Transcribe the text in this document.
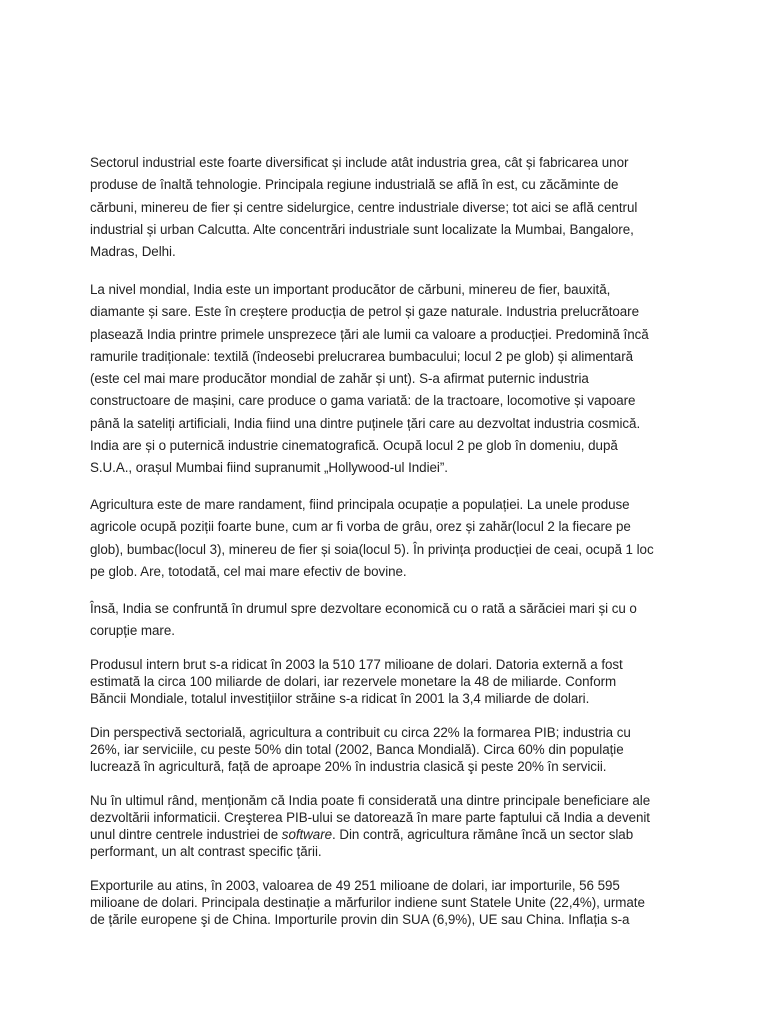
Sectorul industrial este foarte diversificat și include atât industria grea, cât și fabricarea unor
produse de înaltă tehnologie. Principala regiune industrială se află în est, cu zăcăminte de
cărbuni, minereu de fier și centre sidelurgice, centre industriale diverse; tot aici se află centrul
industrial și urban Calcutta. Alte concentrări industriale sunt localizate la Mumbai, Bangalore,
Madras, Delhi.

La nivel mondial, India este un important producător de cărbuni, minereu de fier, bauxită,
diamante și sare. Este în creștere producția de petrol și gaze naturale. Industria prelucrătoare
plasează India printre primele unsprezece țări ale lumii ca valoare a producției. Predomină încă
ramurile tradiționale: textilă (îndeosebi prelucrarea bumbacului; locul 2 pe glob) și alimentară
(este cel mai mare producător mondial de zahăr și unt). S-a afirmat puternic industria
constructoare de mașini, care produce o gama variată: de la tractoare, locomotive și vapoare
până la sateliți artificiali, India fiind una dintre puținele țări care au dezvoltat industria cosmică.
India are și o puternică industrie cinematografică. Ocupă locul 2 pe glob în domeniu, după
S.U.A., orașul Mumbai fiind supranumit „Hollywood-ul Indiei”.

Agricultura este de mare randament, fiind principala ocupație a populației. La unele produse
agricole ocupă poziții foarte bune, cum ar fi vorba de grâu, orez și zahăr(locul 2 la fiecare pe
glob), bumbac(locul 3), minereu de fier și soia(locul 5). În privința producției de ceai, ocupă 1 loc
pe glob. Are, totodată, cel mai mare efectiv de bovine.

Însă, India se confruntă în drumul spre dezvoltare economică cu o rată a sărăciei mari și cu o
corupție mare.

Produsul intern brut s-a ridicat în 2003 la 510 177 milioane de dolari. Datoria externă a fost
estimată la circa 100 miliarde de dolari, iar rezervele monetare la 48 de miliarde. Conform
Băncii Mondiale, totalul investițiilor străine s-a ridicat în 2001 la 3,4 miliarde de dolari.

Din perspectivă sectorială, agricultura a contribuit cu circa 22% la formarea PIB; industria cu
26%, iar serviciile, cu peste 50% din total (2002, Banca Mondială). Circa 60% din populație
lucrează în agricultură, față de aproape 20% în industria clasică şi peste 20% în servicii.

Nu în ultimul rând, menționăm că India poate fi considerată una dintre principale beneficiare ale
dezvoltării informaticii. Creşterea PIB-ului se datorează în mare parte faptului că India a devenit
unul dintre centrele industriei de software. Din contră, agricultura rămâne încă un sector slab
performant, un alt contrast specific țării.

Exporturile au atins, în 2003, valoarea de 49 251 milioane de dolari, iar importurile, 56 595
milioane de dolari. Principala destinație a mărfurilor indiene sunt Statele Unite (22,4%), urmate
de țările europene şi de China. Importurile provin din SUA (6,9%), UE sau China. Inflația s-a
